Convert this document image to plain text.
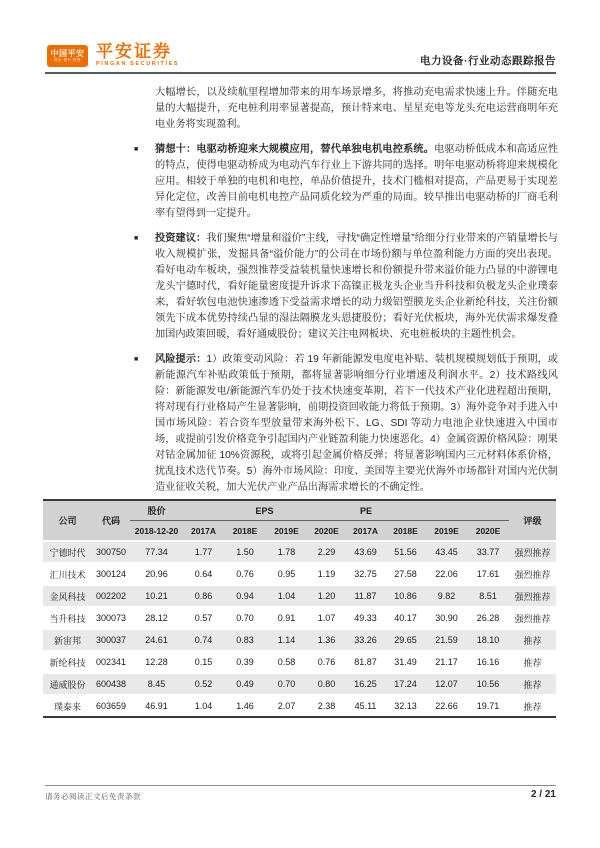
中国平安
保险·银行·投资 平安证券
PINGAN SECURITIES	电力设备·行业动态跟踪报告
大幅增长，以及续航里程增加带来的用车场景增多，将推动充电需求快速上升。伴随充电量的大幅提升，充电桩利用率显著提高，预计特来电、星星充电等龙头充电运营商明年充电业务将实现盈利。
■ 猜想十：电驱动桥迎来大规模应用，替代单独电机电控系统。电驱动桥低成本和高适应性的特点，使得电驱动桥成为电动汽车行业上下游共同的选择。明年电驱动桥将迎来规模化应用。相较于单独的电机和电控，单品价值提升，技术门槛相对提高，产品更易于实现差异化定位，改善目前电机电控产品同质化较为严重的局面。较早推出电驱动桥的厂商毛利率有望得到一定提升。
■ 投资建议：我们聚焦“增量和溢价”主线，寻找“确定性增量”给细分行业带来的产销量增长与收入规模扩张，发掘具备“溢价能力”的公司在市场份额与单位盈利能力方面的突出表现。看好电动车板块，强烈推荐受益装机量快速增长和份额提升带来溢价能力凸显的中游锂电龙头宁德时代，看好能量密度提升诉求下高镍正极龙头企业当升科技和负极龙头企业璞泰来，看好软包电池快速渗透下受益需求增长的动力级铝塑膜龙头企业新纶科技，关注份额领先下成本优势持续凸显的湿法隔膜龙头恩捷股份；看好光伏板块，海外光伏需求爆发叠加国内政策回暖，看好通威股份；建议关注电网板块、充电桩板块的主题性机会。
■ 风险提示：1）政策变动风险：若 19 年新能源发电度电补贴、装机规模规划低于预期，或新能源汽车补贴政策低于预期，都将显著影响细分行业增速及利润水平。2）技术路线风险：新能源发电/新能源汽车仍处于技术快速变革期，若下一代技术产业化进程超出预期，将对现有行业格局产生显著影响，前期投资回收能力将低于预期。3）海外竞争对手进入中国市场风险：若合资车型放量带来海外松下、LG、SDI 等动力电池企业快速进入中国市场，或提前引发价格竞争引起国内产业链盈利能力快速恶化。4）金属资源价格风险：刚果对钴金属加征 10%资源税，或将引起金属价格反弹；将显著影响国内三元材料体系价格，扰乱技术迭代节奏。5）海外市场风险：印度、美国等主要光伏海外市场都针对国内光伏制造业征收关税，加大光伏产业产品出海需求增长的不确定性。
公司	代码	股价	EPS				PE				评级
		2018-12-20	2017A	2018E	2019E	2020E	2017A	2018E	2019E	2020E	
宁德时代	300750	77.34	1.77	1.50	1.78	2.29	43.69	51.56	43.45	33.77	强烈推荐
汇川技术	300124	20.96	0.64	0.76	0.95	1.19	32.75	27.58	22.06	17.61	强烈推荐
金风科技	002202	10.21	0.86	0.94	1.04	1.20	11.87	10.86	9.82	8.51	强烈推荐
当升科技	300073	28.12	0.57	0.70	0.91	1.07	49.33	40.17	30.90	26.28	强烈推荐
新宙邦	300037	24.61	0.74	0.83	1.14	1.36	33.26	29.65	21.59	18.10	推荐
新纶科技	002341	12.28	0.15	0.39	0.58	0.76	81.87	31.49	21.17	16.16	推荐
通威股份	600438	8.45	0.52	0.49	0.70	0.80	16.25	17.24	12.07	10.56	推荐
璞泰来	603659	46.91	1.04	1.46	2.07	2.38	45.11	32.13	22.66	19.71	推荐
请务必阅读正文后免责条款	2 / 21
